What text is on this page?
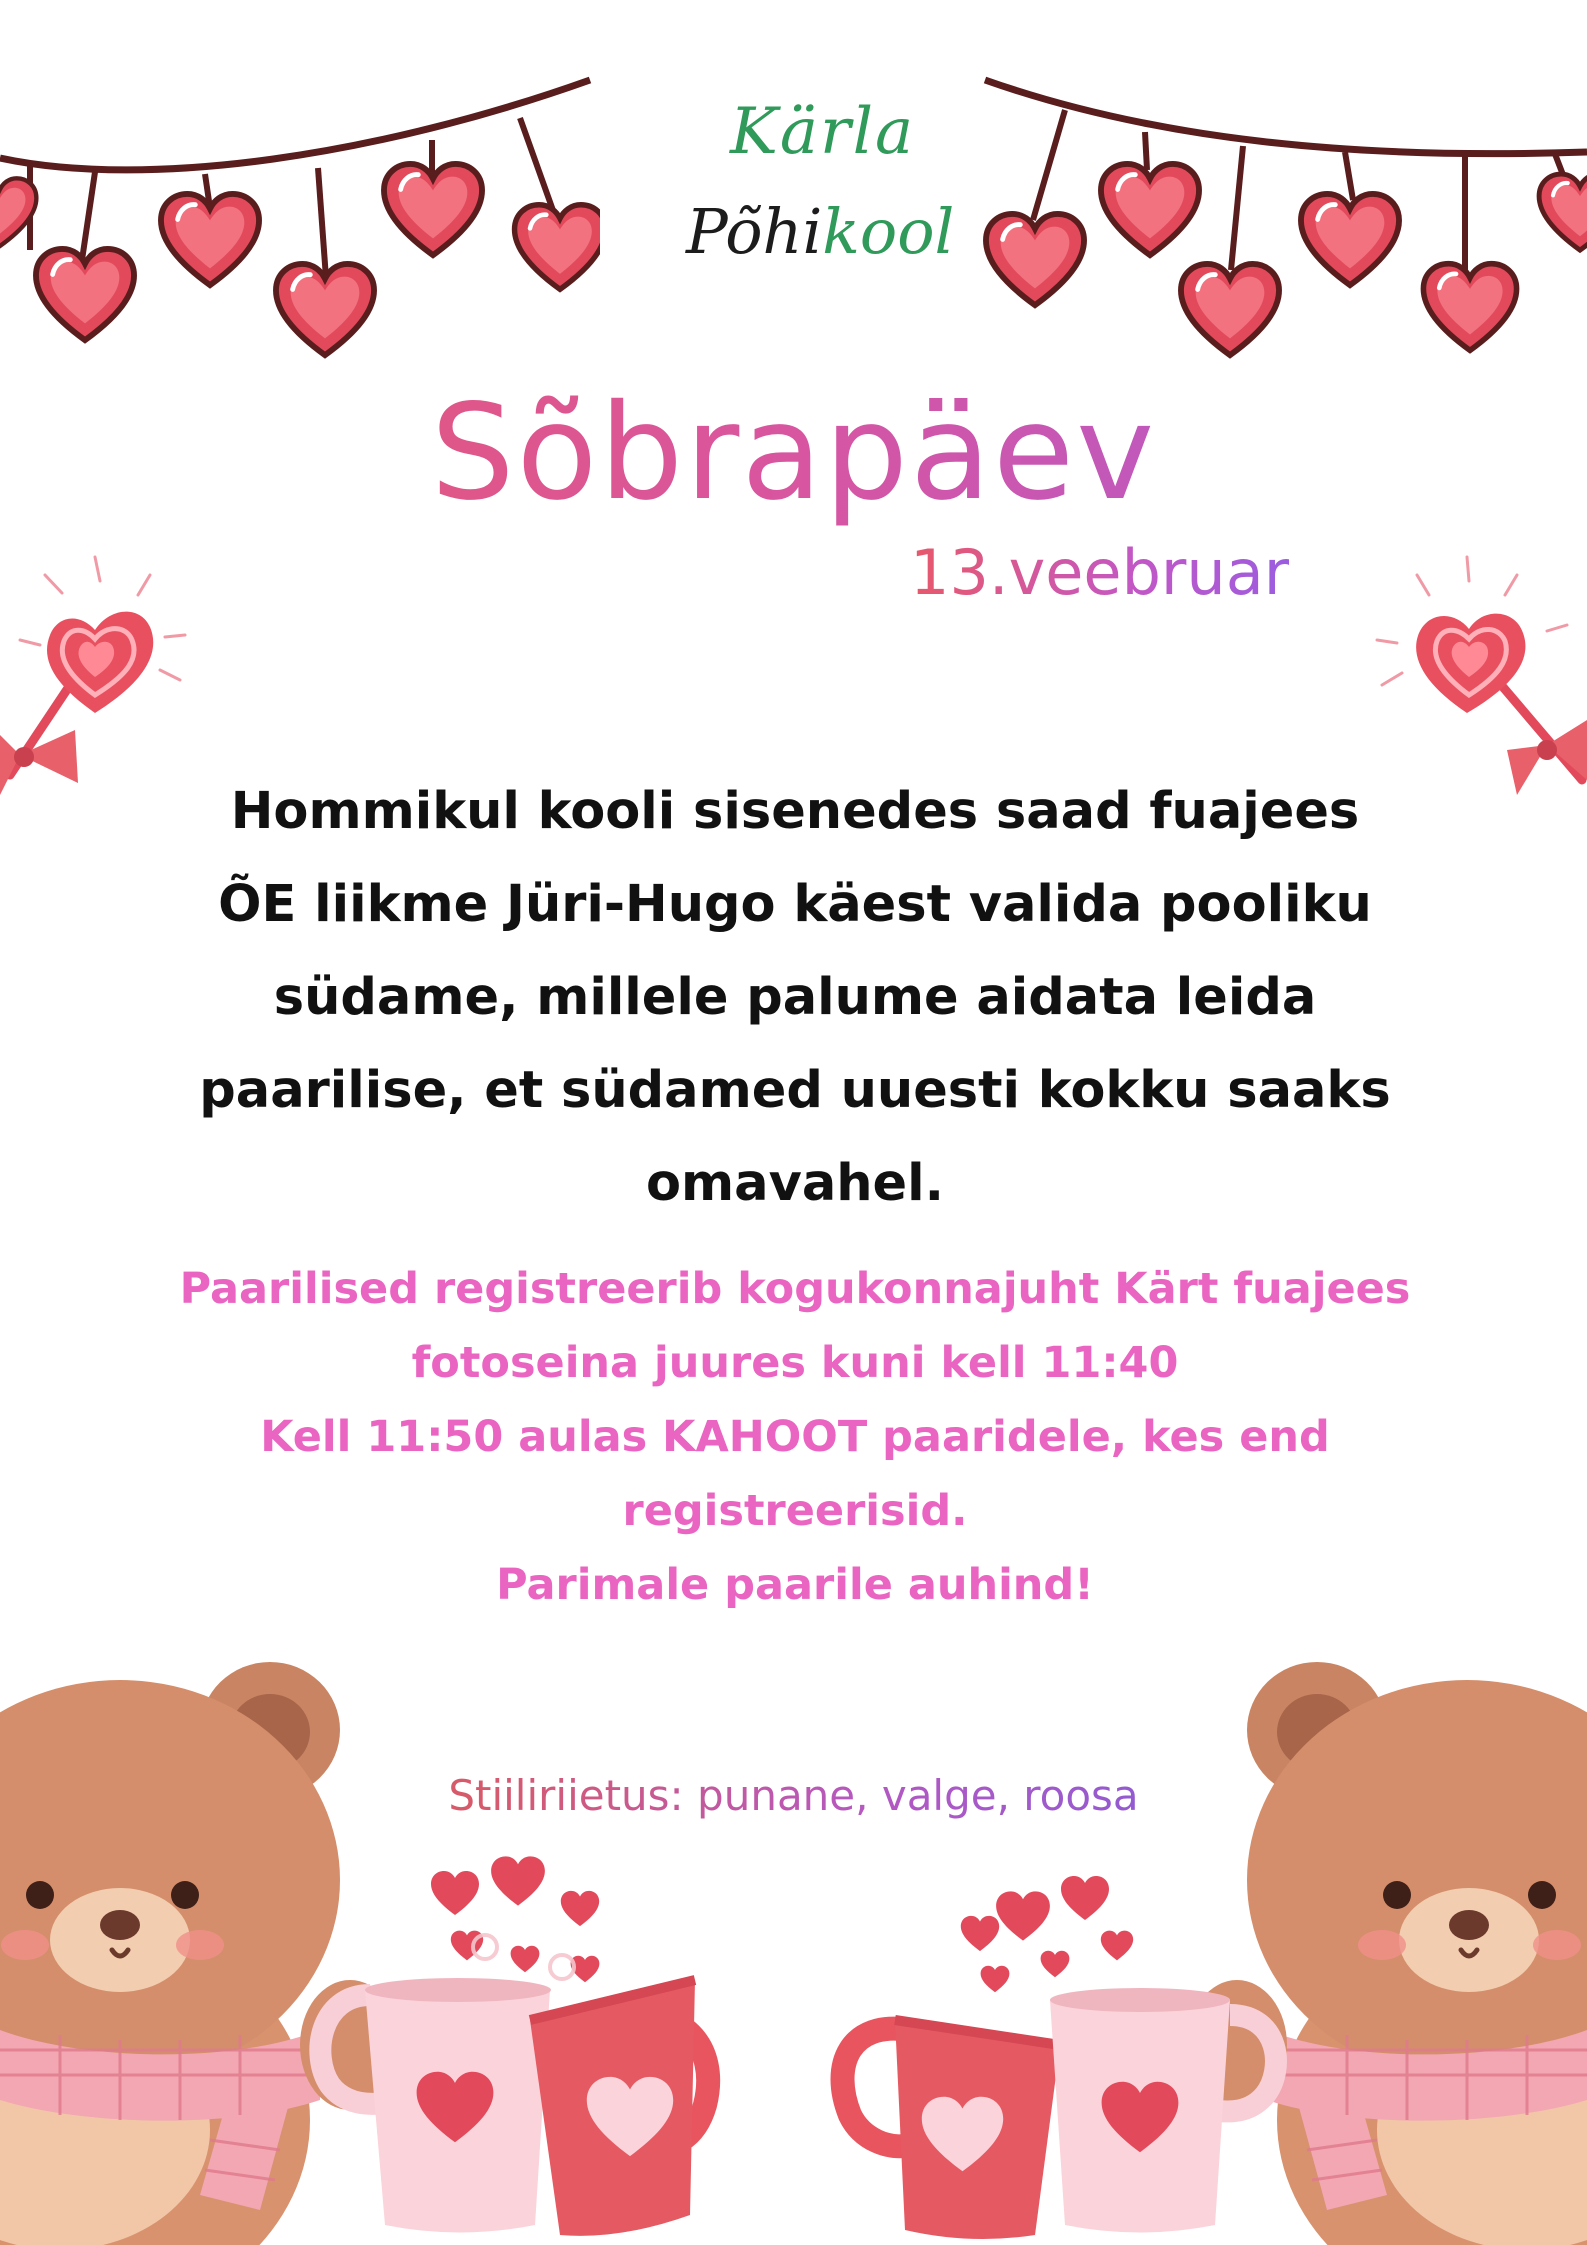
Kärla
Põhikool
Sõbrapäev
13.veebruar
Hommikul kooli sisenedes saad fuajees
ÕE liikme Jüri-Hugo käest valida pooliku
südame, millele palume aidata leida
paarilise, et südamed uuesti kokku saaks
omavahel.
Paarilised registreerib kogukonnajuht Kärt fuajees
fotoseina juures kuni kell 11:40
Kell 11:50 aulas KAHOOT paaridele, kes end
registreerisid.
Parimale paarile auhind!
Stiiliriietus: punane, valge, roosa
